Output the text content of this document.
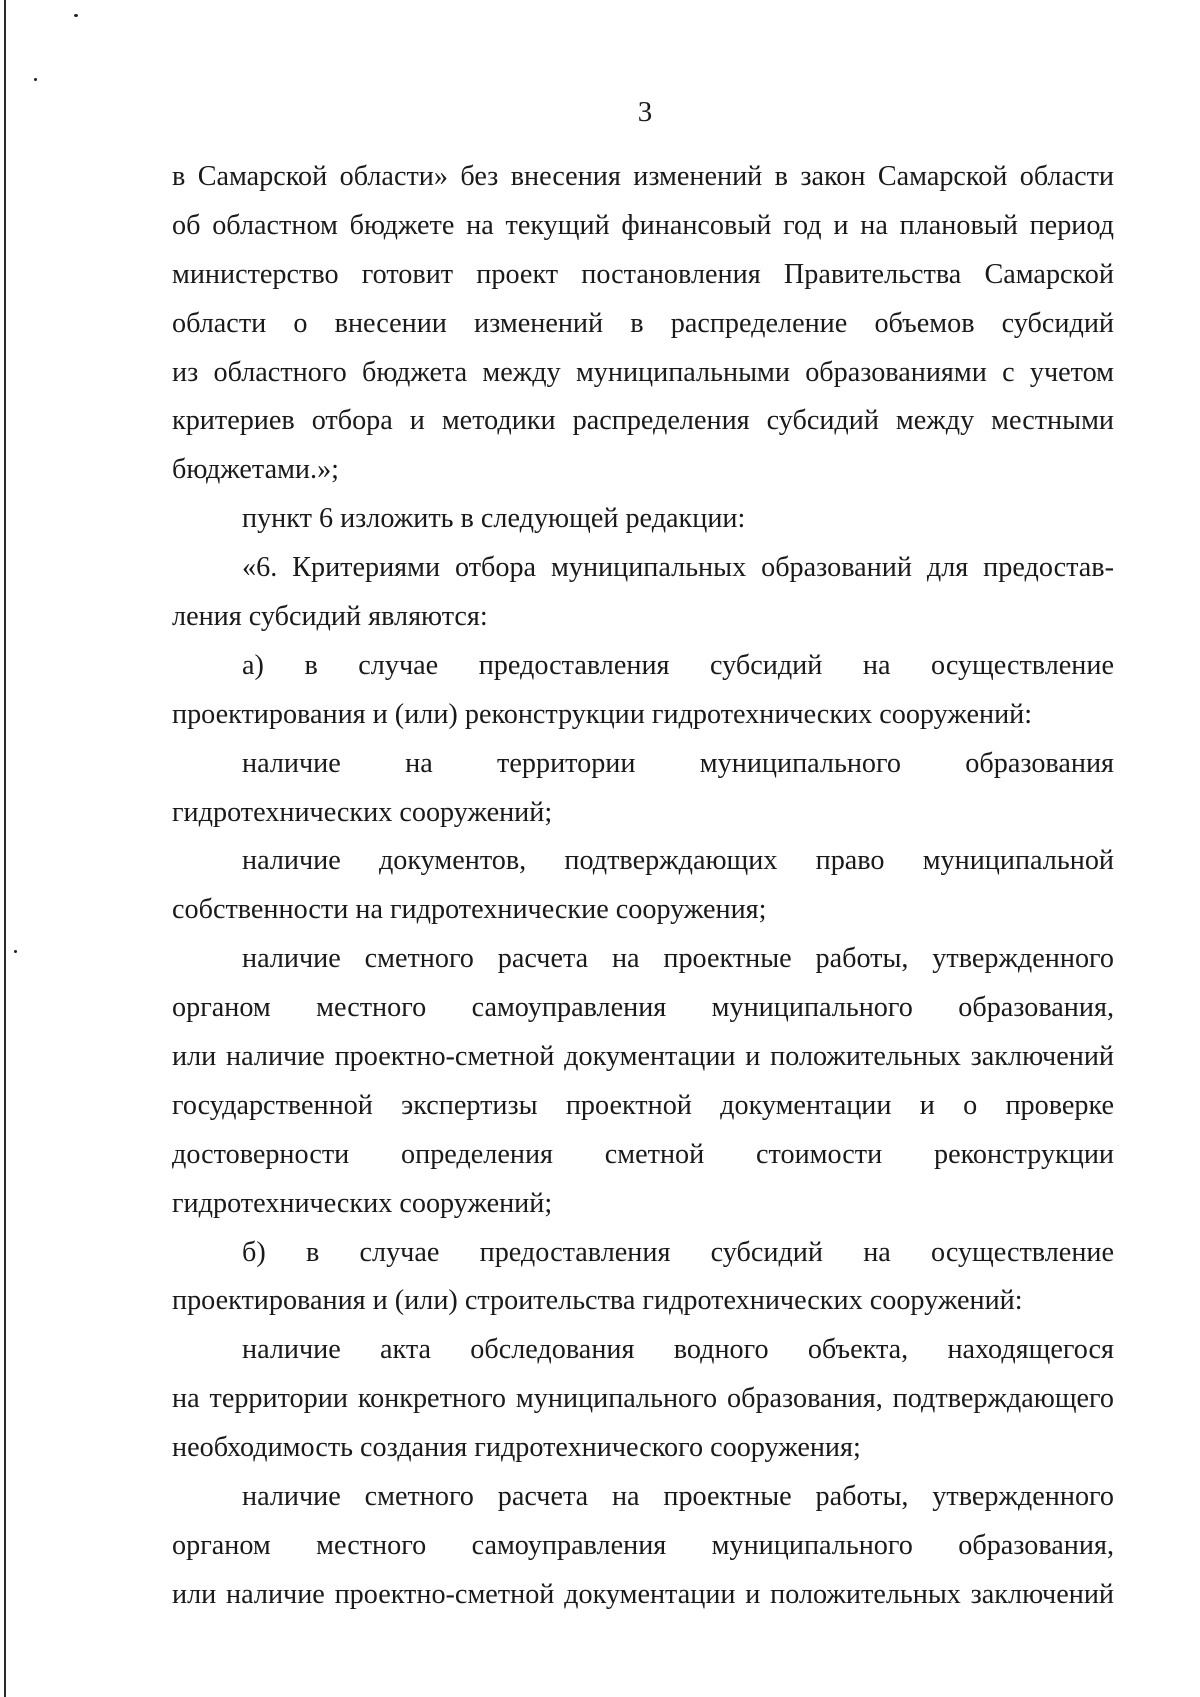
3
в Самарской области» без внесения изменений в закон Самарской области
об областном бюджете на текущий финансовый год и на плановый период
министерство готовит проект постановления Правительства Самарской
области о внесении изменений в распределение объемов субсидий
из областного бюджета между муниципальными образованиями с учетом
критериев отбора и методики распределения субсидий между местными
бюджетами.»;
пункт 6 изложить в следующей редакции:
«6. Критериями отбора муниципальных образований для предостав-
ления субсидий являются:
а) в случае предоставления субсидий на осуществление
проектирования и (или) реконструкции гидротехнических сооружений:
наличие на территории муниципального образования
гидротехнических сооружений;
наличие документов, подтверждающих право муниципальной
собственности на гидротехнические сооружения;
наличие сметного расчета на проектные работы, утвержденного
органом местного самоуправления муниципального образования,
или наличие проектно-сметной документации и положительных заключений
государственной экспертизы проектной документации и о проверке
достоверности определения сметной стоимости реконструкции
гидротехнических сооружений;
б) в случае предоставления субсидий на осуществление
проектирования и (или) строительства гидротехнических сооружений:
наличие акта обследования водного объекта, находящегося
на территории конкретного муниципального образования, подтверждающего
необходимость создания гидротехнического сооружения;
наличие сметного расчета на проектные работы, утвержденного
органом местного самоуправления муниципального образования,
или наличие проектно-сметной документации и положительных заключений
